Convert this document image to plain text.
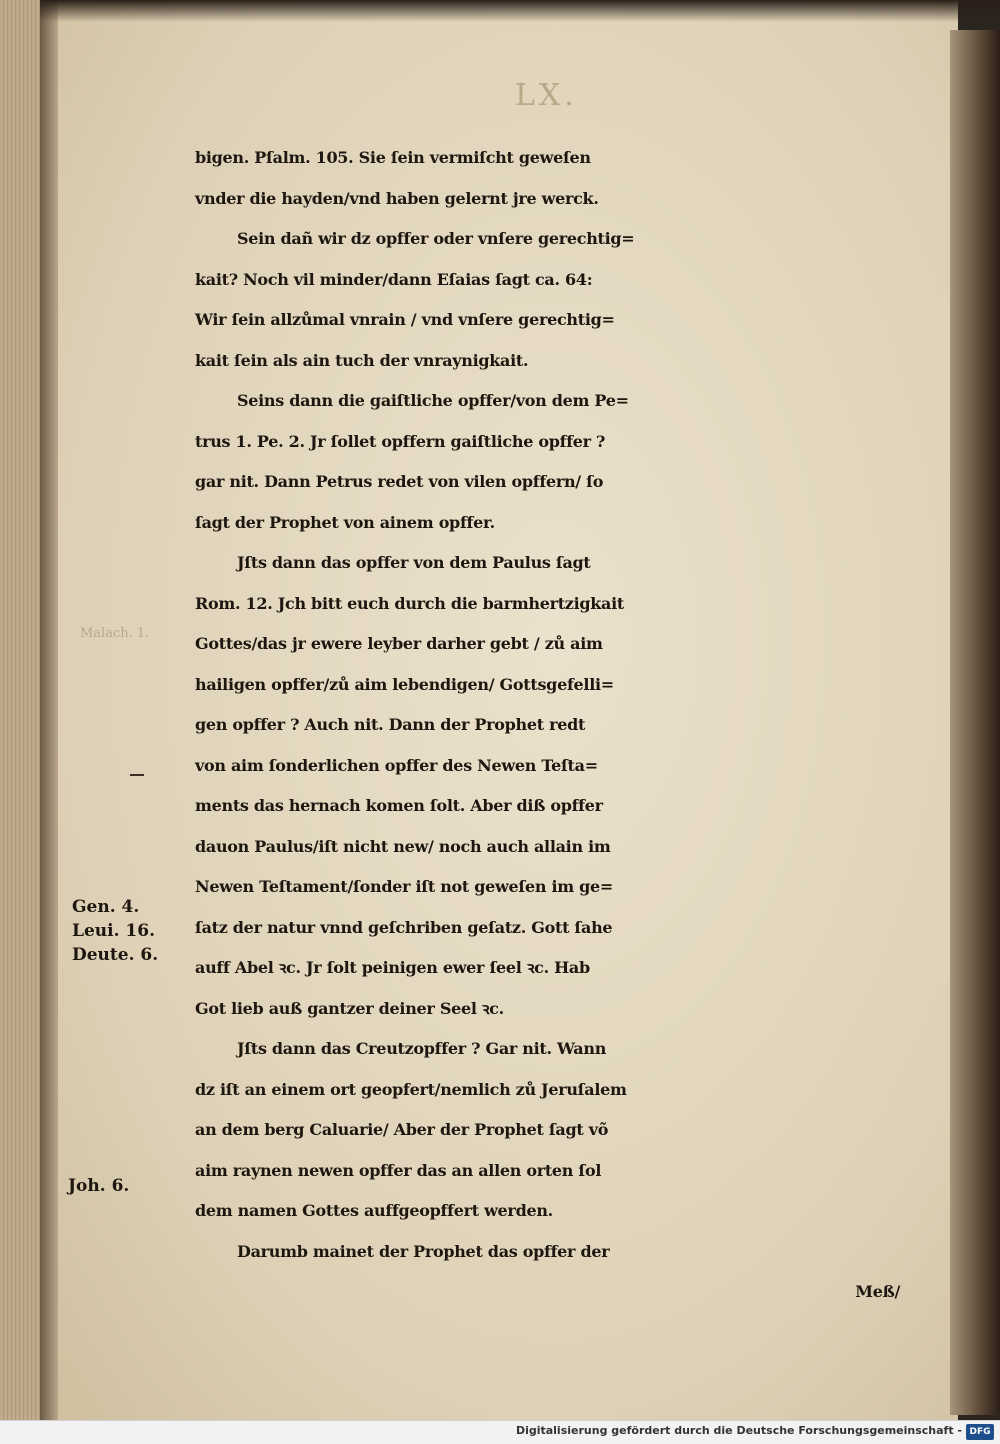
LX.
bigen. Pſalm. 105. Sie ſein vermiſcht geweſen
vnder die hayden/vnd haben gelernt jre werck.
Sein dañ wir dz opffer oder vnſere gerechtig=
kait? Noch vil minder/dann Eſaias ſagt ca. 64:
Wir ſein allzůmal vnrain / vnd vnſere gerechtig=
kait ſein als ain tuch der vnraynigkait.
Seins dann die gaiſtliche opffer/von dem Pe=
trus 1. Pe. 2. Jr ſollet opffern gaiſtliche opffer ?
gar nit. Dann Petrus redet von vilen opffern/ ſo
ſagt der Prophet von ainem opffer.
Jſts dann das opffer von dem Paulus ſagt
Rom. 12. Jch bitt euch durch die barmhertzigkait
Gottes/das jr ewere leyber darher gebt / zů aim
hailigen opffer/zů aim lebendigen/ Gottsgefelli=
gen opffer ? Auch nit. Dann der Prophet redt
von aim ſonderlichen opffer des Newen Teſta=
ments das hernach komen ſolt. Aber diß opffer
dauon Paulus/iſt nicht new/ noch auch allain im
Newen Teſtament/ſonder iſt not geweſen im ge=
ſatz der natur vnnd geſchriben geſatz. Gott ſahe
auff Abel ꝛc. Jr ſolt peinigen ewer ſeel ꝛc. Hab
Got lieb auß gantzer deiner Seel ꝛc.
Jſts dann das Creutzopffer ? Gar nit. Wann
dz iſt an einem ort geopfert/nemlich zů Jeruſalem
an dem berg Caluarie/ Aber der Prophet ſagt võ
aim raynen newen opffer das an allen orten ſol
dem namen Gottes auffgeopffert werden.
Darumb mainet der Prophet das opffer der
Meß/
Malach. 1.
Gen. 4.
Leui. 16.
Deute. 6.
Joh. 6.
Digitalisierung gefördert durch die Deutsche Forschungsgemeinschaft - DFG
